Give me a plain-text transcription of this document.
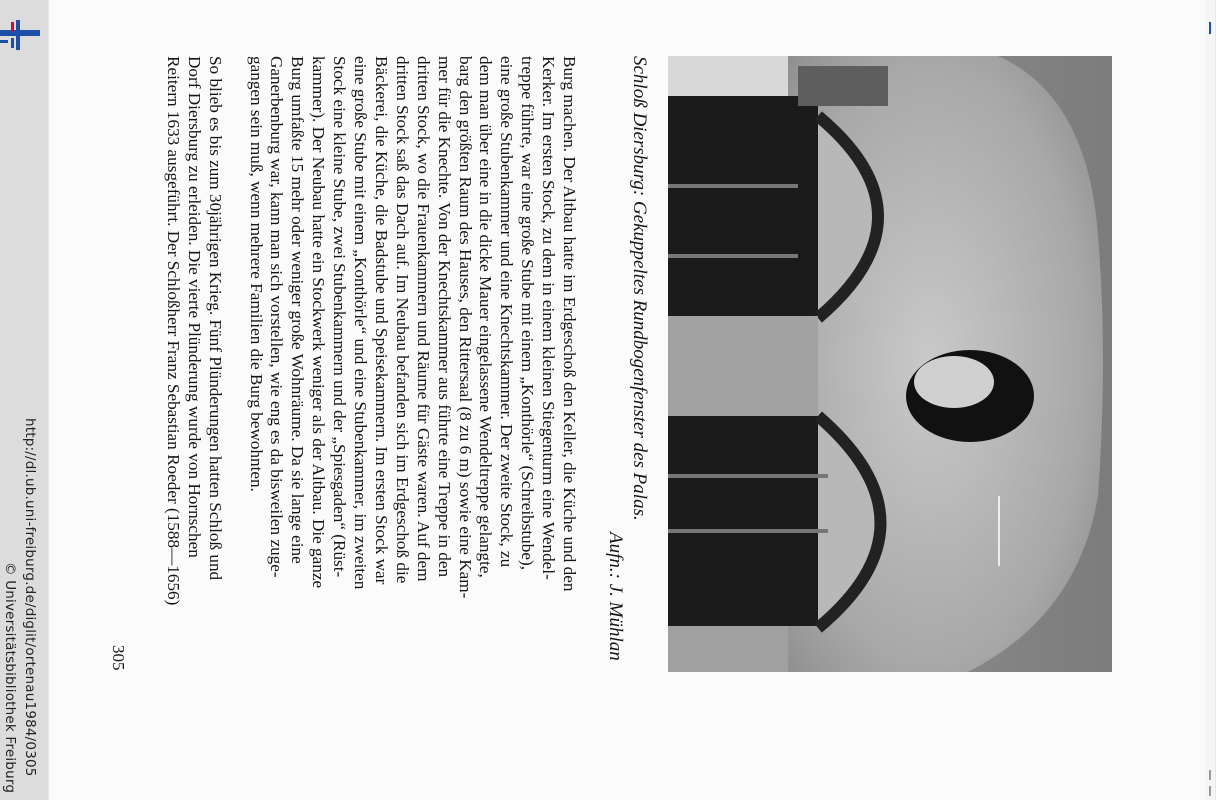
http://dl.ub.uni-freiburg.de/diglit/ortenau1984/0305
© Universitätsbibliothek Freiburg
Schloß Diersburg: Gekuppeltes Rundbogenfenster des Palas.
Aufn.: J. Mühlan
Burg machen. Der Altbau hatte im Erdgeschoß den Keller, die Küche und den
Kerker. Im ersten Stock, zu dem in einem kleinen Stiegenturm eine Wendel-
treppe führte, war eine große Stube mit einem „Konthörle“ (Schreibstube),
eine große Stubenkammer und eine Knechtskammer. Der zweite Stock, zu
dem man über eine in die dicke Mauer eingelassene Wendeltreppe gelangte,
barg den größten Raum des Hauses, den Rittersaal (8 zu 6 m) sowie eine Kam-
mer für die Knechte. Von der Knechtskammer aus führte eine Treppe in den
dritten Stock, wo die Frauenkammern und Räume für Gäste waren. Auf dem
dritten Stock saß das Dach auf. Im Neubau befanden sich im Erdgeschoß die
Bäckerei, die Küche, die Badstube und Speisekammern. Im ersten Stock war
eine große Stube mit einem „Konthörle“ und eine Stubenkammer, im zweiten
Stock eine kleine Stube, zwei Stubenkammern und der „Spiesgaden“ (Rüst-
kammer). Der Neubau hatte ein Stockwerk weniger als der Altbau. Die ganze
Burg umfaßte 15 mehr oder weniger große Wohnräume. Da sie lange eine
Ganerbenburg war, kann man sich vorstellen, wie eng es da bisweilen zuge-
gangen sein muß, wenn mehrere Familien die Burg bewohnten.
So blieb es bis zum 30jährigen Krieg. Fünf Plünderungen hatten Schloß und
Dorf Diersburg zu erleiden. Die vierte Plünderung wurde von Hornschen
Reitern 1633 ausgeführt. Der Schloßherr Franz Sebastian Roeder (1588—1656)
305
